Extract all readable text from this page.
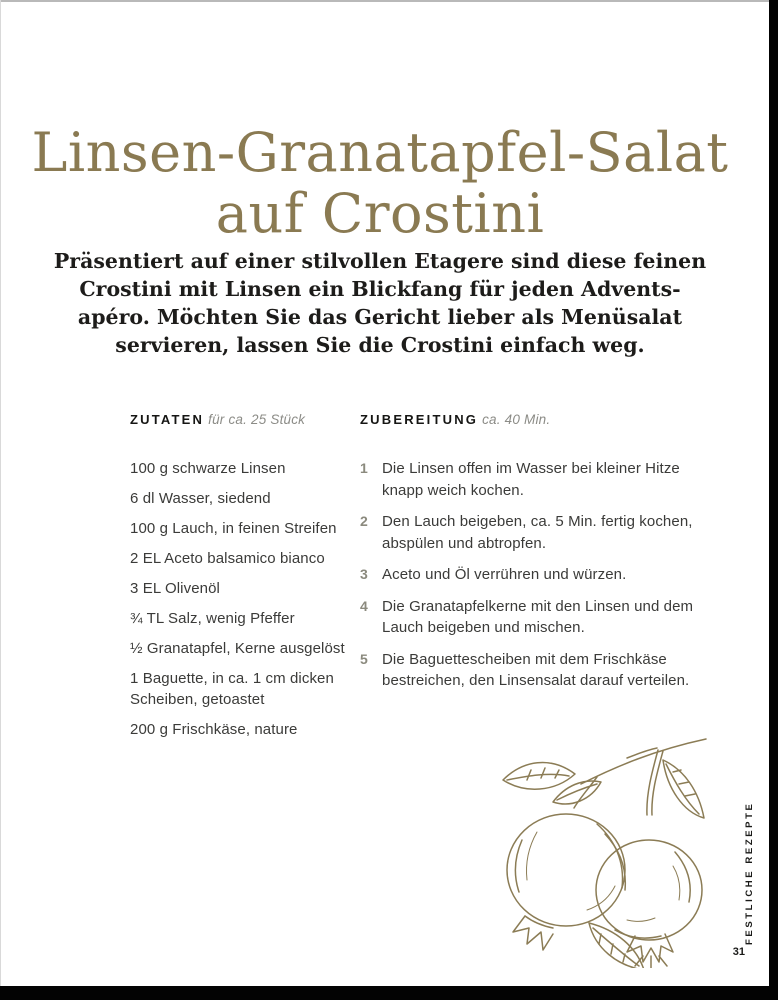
Linsen-Granatapfel-Salat
auf Crostini
Präsentiert auf einer stilvollen Etagere sind diese feinen
Crostini mit Linsen ein Blickfang für jeden Advents-
apéro. Möchten Sie das Gericht lieber als Menüsalat
servieren, lassen Sie die Crostini einfach weg.
ZUTATEN für ca. 25 Stück
100 g schwarze Linsen
6 dl Wasser, siedend
100 g Lauch, in feinen Streifen
2 EL Aceto balsamico bianco
3 EL Olivenöl
¾ TL Salz, wenig Pfeffer
½ Granatapfel, Kerne ausgelöst
1 Baguette, in ca. 1 cm dicken Scheiben, getoastet
200 g Frischkäse, nature
ZUBEREITUNG ca. 40 Min.
1 Die Linsen offen im Wasser bei kleiner Hitze knapp weich kochen.
2 Den Lauch beigeben, ca. 5 Min. fertig kochen, abspülen und abtropfen.
3 Aceto und Öl verrühren und würzen.
4 Die Granatapfelkerne mit den Linsen und dem Lauch beigeben und mischen.
5 Die Baguettescheiben mit dem Frischkäse bestreichen, den Linsensalat darauf verteilen.
FESTLICHE REZEPTE
31
